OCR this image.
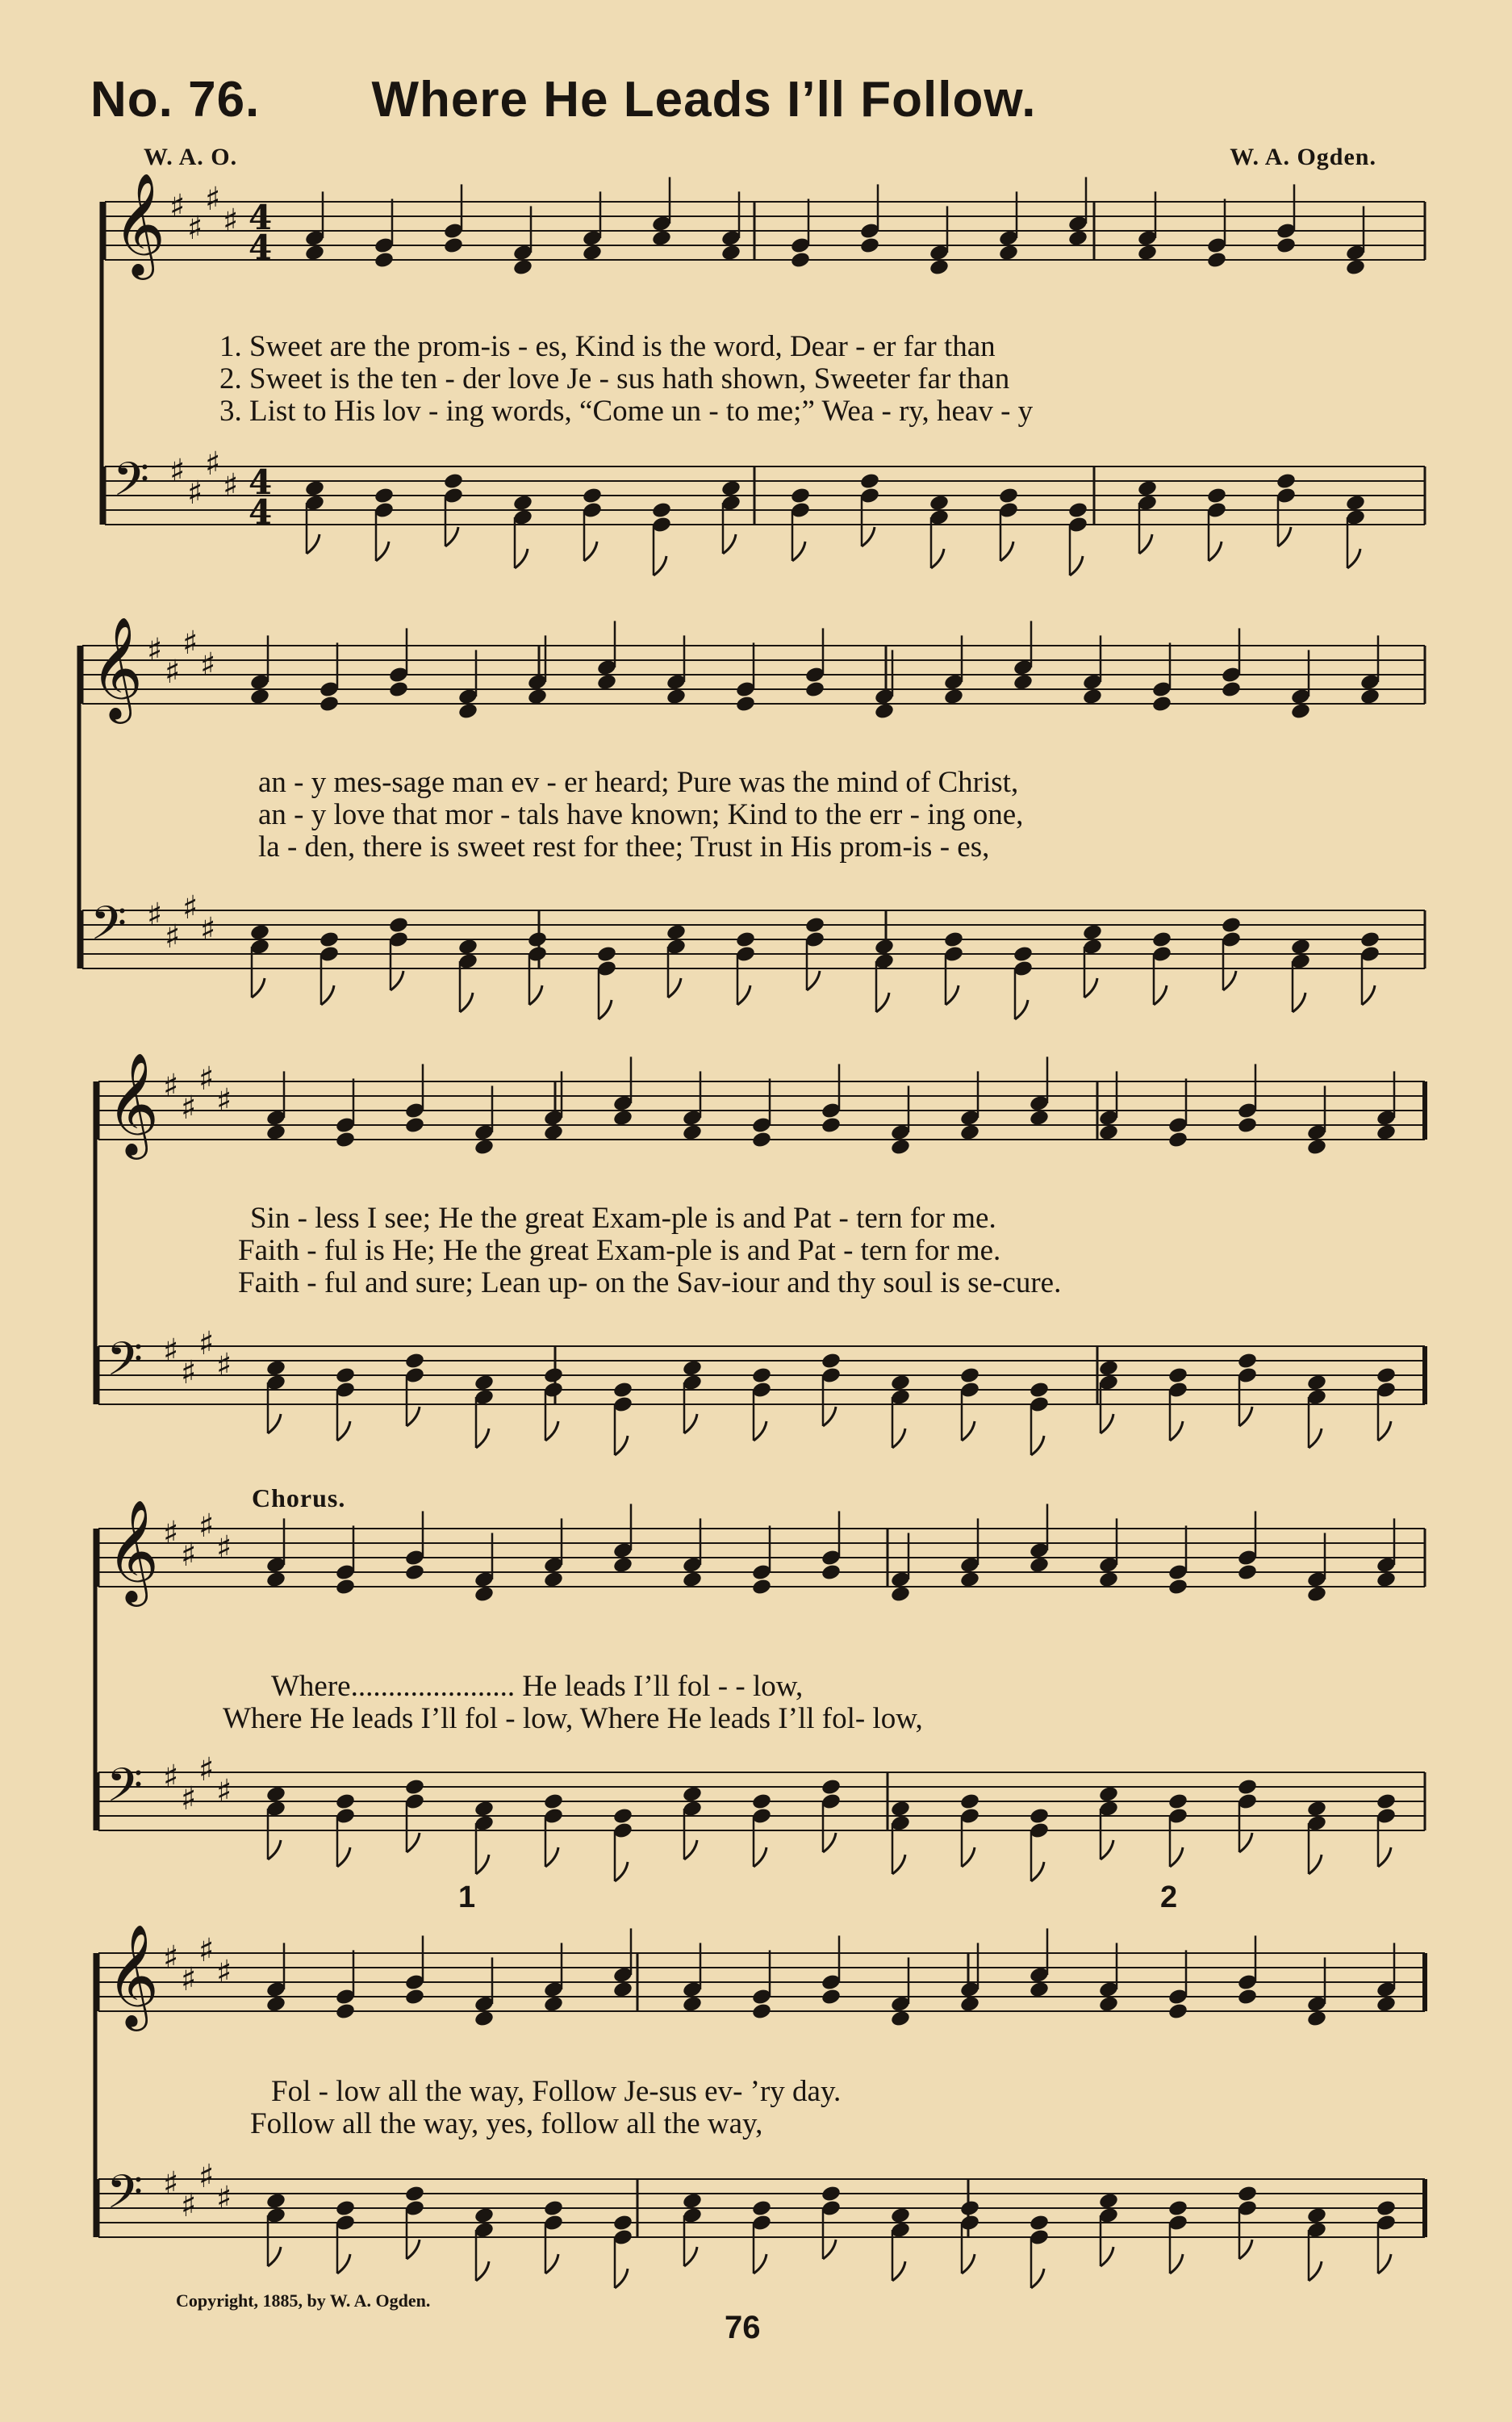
No. 76. Where He Leads I’ll Follow.
W. A. O.	W. A. Ogden.
𝄞 ♯
♯
♯
♯ 4
4
𝄢 ♯
♯
♯
♯ 4
4
𝄞 ♯
♯
♯
♯
𝄢 ♯
♯
♯
♯
𝄞 ♯
♯
♯
♯
𝄢 ♯
♯
♯
♯
𝄞 ♯
♯
♯
♯
𝄢 ♯
♯
♯
♯
𝄞 ♯
♯
♯
♯
𝄢 ♯
♯
♯
♯
1. Sweet are the prom-is - es, Kind is the word, Dear - er far than
2. Sweet is the ten - der love Je - sus hath shown, Sweeter far than
3. List to His lov - ing words, “Come un - to me;” Wea - ry, heav - y
an - y mes-sage man ev - er heard; Pure was the mind of Christ,
an - y love that mor - tals have known; Kind to the err - ing one,
la - den, there is sweet rest for thee; Trust in His prom-is - es,
Sin - less I see; He the great Exam-ple is and Pat - tern for me.
Faith - ful is He; He the great Exam-ple is and Pat - tern for me.
Faith - ful and sure; Lean up- on the Sav-iour and thy soul is se-cure.
Chorus.
Where...................... He leads I’ll fol - - low,
Where He leads I’ll fol - low, Where He leads I’ll fol- low,
1	2
Fol - low all the way, Follow Je-sus ev- ’ry day.
Follow all the way, yes, follow all the way,
Copyright, 1885, by W. A. Ogden.
76
